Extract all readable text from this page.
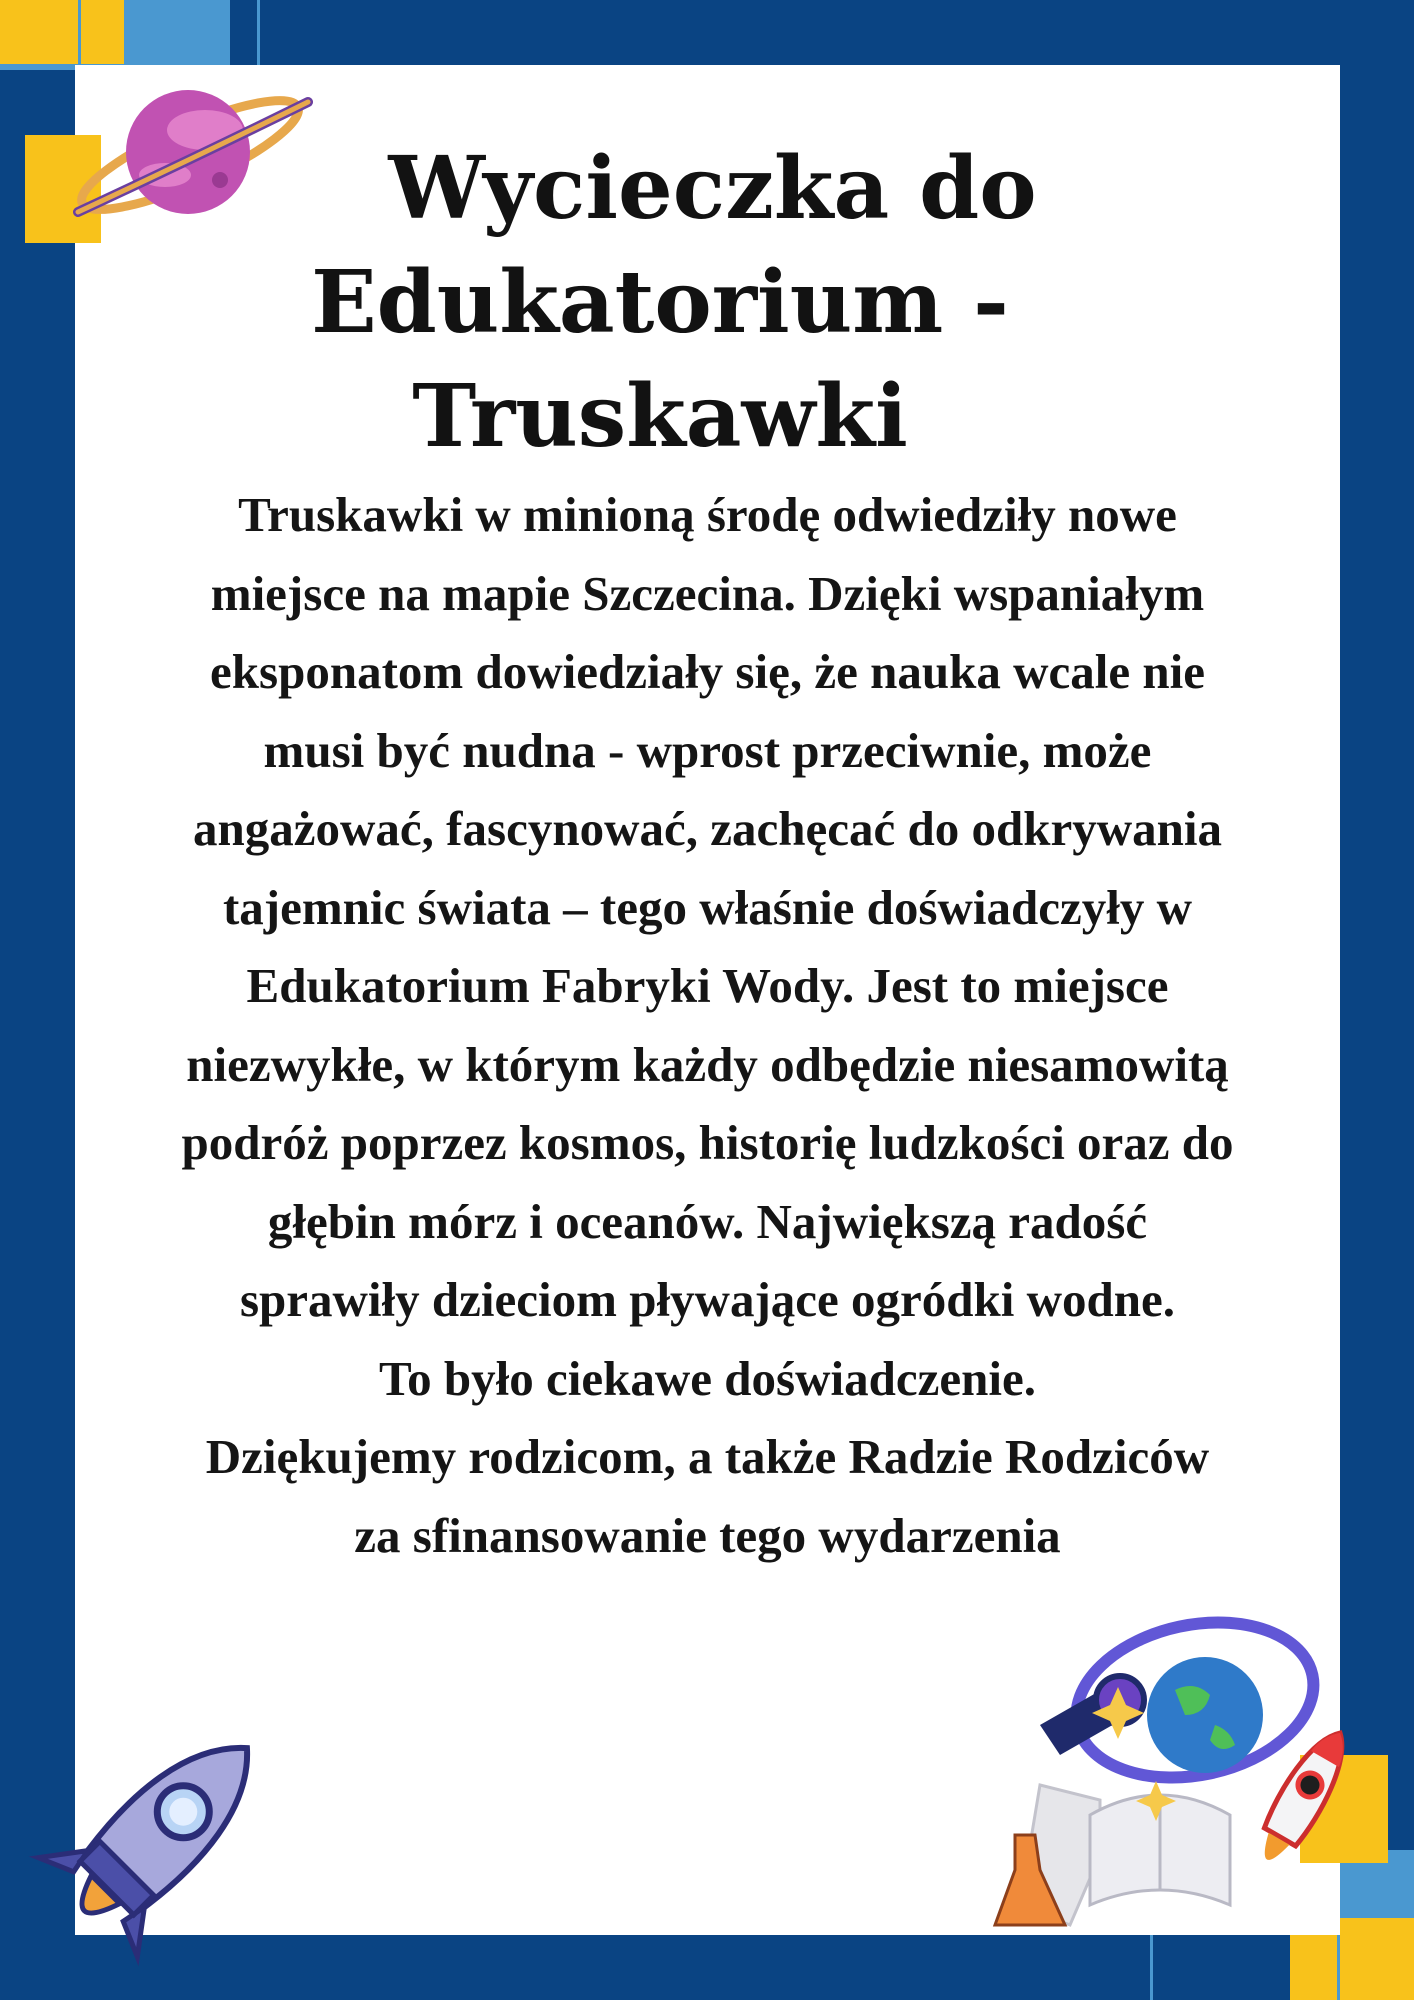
Wycieczka do
Edukatorium - Truskawki

Truskawki w minioną środę odwiedziły nowe

miejsce na mapie Szczecina. Dzięki wspaniałym

eksponatom dowiedziały się, że nauka wcale nie

musi być nudna - wprost przeciwnie, może

angażować, fascynować, zachęcać do odkrywania

tajemnic świata – tego właśnie doświadczyły w

Edukatorium Fabryki Wody. Jest to miejsce

niezwykłe, w którym każdy odbędzie niesamowitą

podróż poprzez kosmos, historię ludzkości oraz do

głębin mórz i oceanów. Największą radość

sprawiły dzieciom pływające ogródki wodne.

To było ciekawe doświadczenie.

Dziękujemy rodzicom, a także Radzie Rodziców

za sfinansowanie tego wydarzenia
